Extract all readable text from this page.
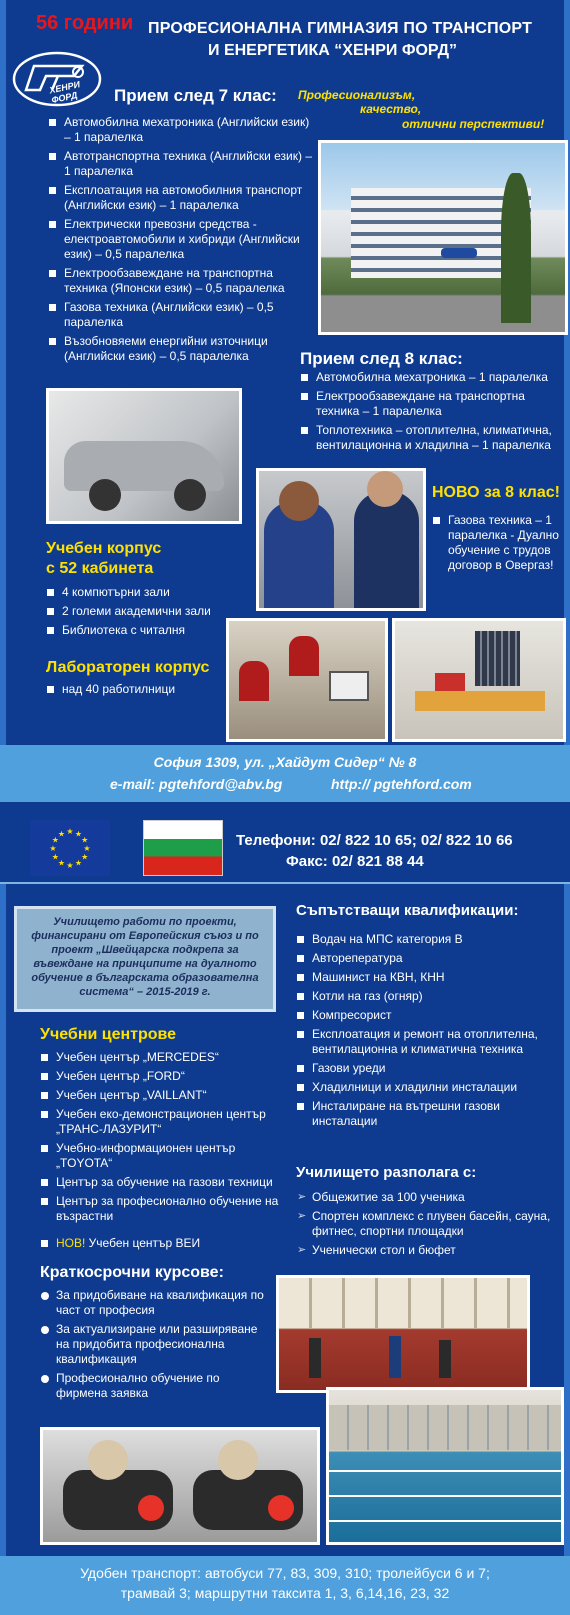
56 години ПРОФЕСИОНАЛНА ГИМНАЗИЯ ПО ТРАНСПОРТ
И ЕНЕРГЕТИКА “ХЕНРИ ФОРД”
ХЕНРИ ФОРД	Професионализъм,
качество,
отлични перспективи!
Прием след 7 клас:
Автомобилна мехатроника (Английски език) – 1 паралелка
Автотранспортна техника (Английски език) – 1 паралелка
Експлоатация на автомобилния транспорт (Английски език) – 1 паралелка
Електрически превозни средства - електроавтомобили и хибриди (Английски език) – 0,5 паралелка
Електрообзавеждане на транспортна техника (Японски език) – 0,5 паралелка
Газова техника (Английски език) – 0,5 паралелка
Възобновяеми енергийни източници (Английски език) – 0,5 паралелка	Прием след 8 клас:
Автомобилна мехатроника – 1 паралелка
Електрообзавеждане на транспортна техника – 1 паралелка
Топлотехника – отоплителна, климатична, вентилационна и хладилна – 1 паралелка
НОВО за 8 клас!
Газова техника – 1 паралелка - Дуално обучение с трудов договор в Овергаз!
Учебен корпус
с 52 кабинета
4 компютърни зали
2 големи академични зали
Библиотека с читалня
Лабораторен корпус
над 40 работилници
София 1309, ул. „Хайдут Сидер“ № 8
e-mail: pgtehford@abv.bg	http:// pgtehford.com
★
★
★
★
★
★
★
★
★ ★ ★
★	Телефони: 02/ 822 10 65; 02/ 822 10 66
Факс: 02/ 821 88 44
Училището работи по проекти, финансирани от Европейския съюз и по проект „Швейцарска подкрепа за въвеждане на принципите на дуалното обучение в българската образователна система“ – 2015-2019 г.
Учебни центрове
Учебен център „MERCEDES“
Учебен център „FORD“
Учебен център „VAILLANT“
Учебен еко-демонстрационен център „ТРАНС-ЛАЗУРИТ“
Учебно-информационен център „TOYOTA“
Център за обучение на газови техници
Център за професионално обучение на възрастни
НОВ! Учебен център ВЕИ
Краткосрочни курсове:
За придобиване на квалификация по част от професия
За актуализиране или разширяване на придобита професионална квалификация
Професионално обучение по фирмена заявка
Съпътстващи квалификации:
Водач на МПС категория B
Авторепература
Машинист на КВН, КНН
Котли на газ (огняр)
Компресорист
Експлоатация и ремонт на отоплителна, вентилационна и климатична техника
Газови уреди
Хладилници и хладилни инсталации
Инсталиране на вътрешни газови инсталации
Училището разполага с:
➢ Общежитие за 100 ученика
➢ Спортен комплекс с плувен басейн, сауна, фитнес, спортни площадки
➢ Ученически стол и бюфет
Удобен транспорт: автобуси 77, 83, 309, 310; тролейбуси 6 и 7;
трамвай 3; маршрутни таксита 1, 3, 6,14,16, 23, 32
